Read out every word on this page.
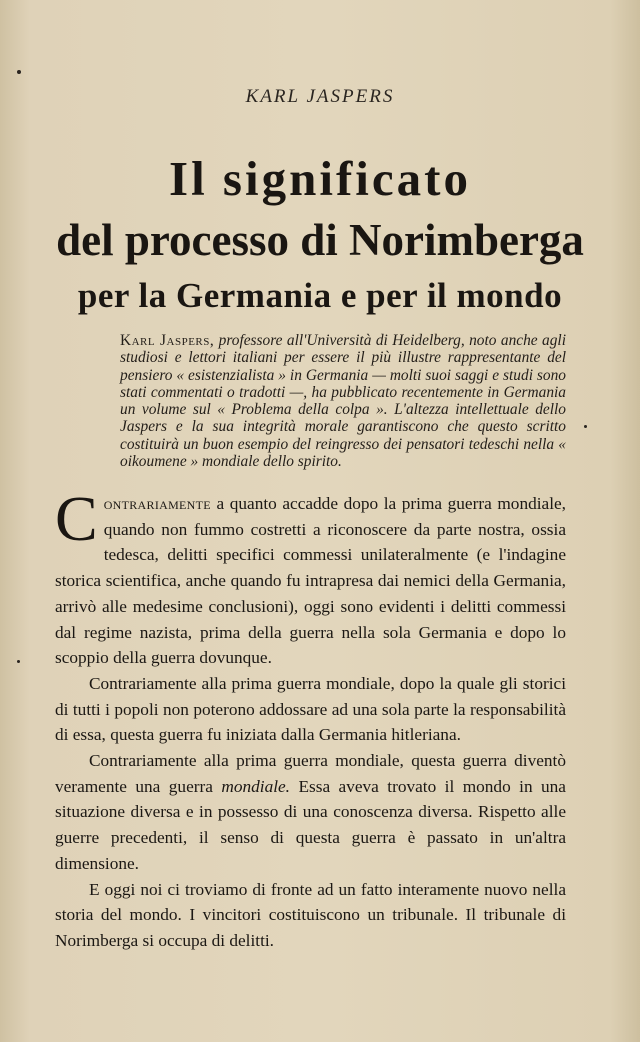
KARL JASPERS
Il significato
del processo di Norimberga
per la Germania e per il mondo
Karl Jaspers, professore all'Università di Heidelberg, noto anche agli studiosi e lettori italiani per essere il più illustre rappresentante del pensiero « esistenzialista » in Germania — molti suoi saggi e studi sono stati commentati o tradotti —, ha pubblicato recentemente in Germania un volume sul « Problema della colpa ». L'altezza intellettuale dello Jaspers e la sua integrità morale garantiscono che questo scritto costituirà un buon esempio del reingresso dei pensatori tedeschi nella « oikoumene » mondiale dello spirito.

Contrariamente a quanto accadde dopo la prima guerra mondiale, quando non fummo costretti a riconoscere da parte nostra, ossia tedesca, delitti specifici commessi unilateralmente (e l'indagine storica scientifica, anche quando fu intrapresa dai nemici della Germania, arrivò alle medesime conclusioni), oggi sono evidenti i delitti commessi dal regime nazista, prima della guerra nella sola Germania e dopo lo scoppio della guerra dovunque.

Contrariamente alla prima guerra mondiale, dopo la quale gli storici di tutti i popoli non poterono addossare ad una sola parte la responsabilità di essa, questa guerra fu iniziata dalla Germania hitleriana.

Contrariamente alla prima guerra mondiale, questa guerra diventò veramente una guerra mondiale. Essa aveva trovato il mondo in una situazione diversa e in possesso di una conoscenza diversa. Rispetto alle guerre precedenti, il senso di questa guerra è passato in un'altra dimensione.

E oggi noi ci troviamo di fronte ad un fatto interamente nuovo nella storia del mondo. I vincitori costituiscono un tribunale. Il tribunale di Norimberga si occupa di delitti.
